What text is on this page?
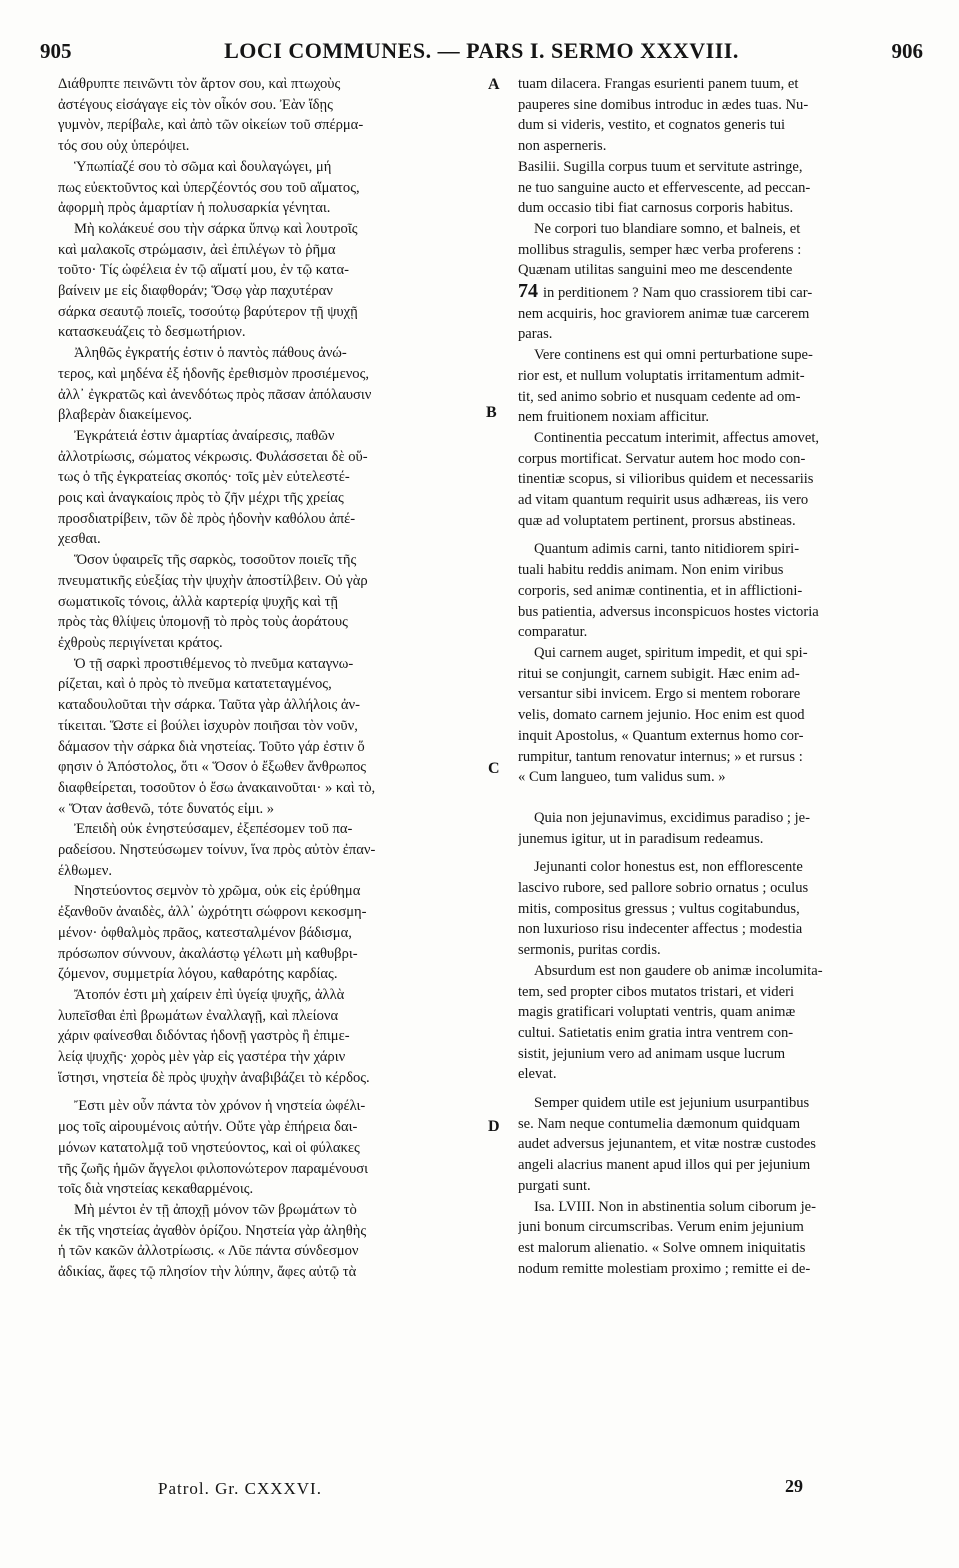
905	LOCI COMMUNES. — PARS I. SERMO XXXVIII.	906
Διάθρυπτε πεινῶντι τὸν ἄρτον σου, καὶ πτωχοὺς
ἀστέγους εἰσάγαγε εἰς τὸν οἶκόν σου. Ἐὰν ἴδῃς
γυμνὸν, περίβαλε, καὶ ἀπὸ τῶν οἰκείων τοῦ σπέρμα-
τός σου οὐχ ὑπερόψει.
Ὑπωπίαζέ σου τὸ σῶμα καὶ δουλαγώγει, μή
πως εὐεκτοῦντος καὶ ὑπερζέοντός σου τοῦ αἵματος,
ἀφορμὴ πρὸς ἁμαρτίαν ἡ πολυσαρκία γένηται.
Μὴ κολάκευέ σου τὴν σάρκα ὕπνῳ καὶ λουτροῖς
καὶ μαλακοῖς στρώμασιν, ἀεὶ ἐπιλέγων τὸ ῥῆμα
τοῦτο· Τίς ὠφέλεια ἐν τῷ αἵματί μου, ἐν τῷ κατα-
βαίνειν με εἰς διαφθοράν; Ὅσῳ γὰρ παχυτέραν
σάρκα σεαυτῷ ποιεῖς, τοσούτῳ βαρύτερον τῇ ψυχῇ
κατασκευάζεις τὸ δεσμωτήριον.
Ἀληθῶς ἐγκρατής ἐστιν ὁ παντὸς πάθους ἀνώ-
τερος, καὶ μηδένα ἐξ ἡδονῆς ἐρεθισμὸν προσιέμενος,
ἀλλ᾽ ἐγκρατῶς καὶ ἀνενδότως πρὸς πᾶσαν ἀπόλαυσιν
βλαβερὰν διακείμενος.
Ἐγκράτειά ἐστιν ἁμαρτίας ἀναίρεσις, παθῶν
ἀλλοτρίωσις, σώματος νέκρωσις. Φυλάσσεται δὲ οὕ-
τως ὁ τῆς ἐγκρατείας σκοπός· τοῖς μὲν εὐτελεστέ-
ροις καὶ ἀναγκαίοις πρὸς τὸ ζῆν μέχρι τῆς χρείας
προσδιατρίβειν, τῶν δὲ πρὸς ἡδονὴν καθόλου ἀπέ-
χεσθαι.
Ὅσον ὑφαιρεῖς τῆς σαρκὸς, τοσοῦτον ποιεῖς τῆς
πνευματικῆς εὐεξίας τὴν ψυχὴν ἀποστίλβειν. Οὐ γὰρ
σωματικοῖς τόνοις, ἀλλὰ καρτερίᾳ ψυχῆς καὶ τῇ
πρὸς τὰς θλίψεις ὑπομονῇ τὸ πρὸς τοὺς ἀοράτους
ἐχθροὺς περιγίνεται κράτος.
Ὁ τῇ σαρκὶ προστιθέμενος τὸ πνεῦμα καταγνω-
ρίζεται, καὶ ὁ πρὸς τὸ πνεῦμα κατατεταγμένος,
καταδουλοῦται τὴν σάρκα. Ταῦτα γὰρ ἀλλήλοις ἀν-
τίκειται. Ὥστε εἰ βούλει ἰσχυρὸν ποιῆσαι τὸν νοῦν,
δάμασον τὴν σάρκα διὰ νηστείας. Τοῦτο γάρ ἐστιν ὅ
φησιν ὁ Ἀπόστολος, ὅτι « Ὅσον ὁ ἔξωθεν ἄνθρωπος
διαφθείρεται, τοσοῦτον ὁ ἔσω ἀνακαινοῦται· » καὶ τὸ,
« Ὅταν ἀσθενῶ, τότε δυνατός εἰμι. »
Ἐπειδὴ οὐκ ἐνηστεύσαμεν, ἐξεπέσομεν τοῦ πα-
ραδείσου. Νηστεύσωμεν τοίνυν, ἵνα πρὸς αὐτὸν ἐπαν-
έλθωμεν.
Νηστεύοντος σεμνὸν τὸ χρῶμα, οὐκ εἰς ἐρύθημα
ἐξανθοῦν ἀναιδὲς, ἀλλ᾽ ὠχρότητι σώφρονι κεκοσμη-
μένον· ὀφθαλμὸς πρᾶος, κατεσταλμένον βάδισμα,
πρόσωπον σύννουν, ἀκαλάστῳ γέλωτι μὴ καθυβρι-
ζόμενον, συμμετρία λόγου, καθαρότης καρδίας.
Ἄτοπόν ἐστι μὴ χαίρειν ἐπὶ ὑγείᾳ ψυχῆς, ἀλλὰ
λυπεῖσθαι ἐπὶ βρωμάτων ἐναλλαγῇ, καὶ πλείονα
χάριν φαίνεσθαι διδόντας ἡδονῇ γαστρὸς ἢ ἐπιμε-
λείᾳ ψυχῆς· χορὸς μὲν γὰρ εἰς γαστέρα τὴν χάριν
ἵστησι, νηστεία δὲ πρὸς ψυχὴν ἀναβιβάζει τὸ κέρδος.
Ἔστι μὲν οὖν πάντα τὸν χρόνον ἡ νηστεία ὠφέλι-
μος τοῖς αἱρουμένοις αὐτήν. Οὔτε γὰρ ἐπήρεια δαι-
μόνων κατατολμᾷ τοῦ νηστεύοντος, καὶ οἱ φύλακες
τῆς ζωῆς ἡμῶν ἄγγελοι φιλοπονώτερον παραμένουσι
τοῖς διὰ νηστείας κεκαθαρμένοις.
Μὴ μέντοι ἐν τῇ ἀποχῇ μόνον τῶν βρωμάτων τὸ
ἐκ τῆς νηστείας ἀγαθὸν ὁρίζου. Νηστεία γὰρ ἀληθὴς
ἡ τῶν κακῶν ἀλλοτρίωσις. « Λῦε πάντα σύνδεσμον
ἀδικίας, ἄφες τῷ πλησίον τὴν λύπην, ἄφες αὐτῷ τὰ
tuam dilacera. Frangas esurienti panem tuum, et
pauperes sine domibus introduc in ædes tuas. Nu-
dum si videris, vestito, et cognatos generis tui
non asperneris.
Basilii. Sugilla corpus tuum et servitute astringe,
ne tuo sanguine aucto et effervescente, ad peccan-
dum occasio tibi fiat carnosus corporis habitus.
Ne corpori tuo blandiare somno, et balneis, et
mollibus stragulis, semper hæc verba proferens :
Quænam utilitas sanguini meo me descendente
74 in perditionem ? Nam quo crassiorem tibi car-
nem acquiris, hoc graviorem animæ tuæ carcerem
paras.
Vere continens est qui omni perturbatione supe-
rior est, et nullum voluptatis irritamentum admit-
tit, sed animo sobrio et nusquam cedente ad om-
nem fruitionem noxiam afficitur.
Continentia peccatum interimit, affectus amovet,
corpus mortificat. Servatur autem hoc modo con-
tinentiæ scopus, si vilioribus quidem et necessariis
ad vitam quantum requirit usus adhæreas, iis vero
quæ ad voluptatem pertinent, prorsus abstineas.
Quantum adimis carni, tanto nitidiorem spiri-
tuali habitu reddis animam. Non enim viribus
corporis, sed animæ continentia, et in afflictioni-
bus patientia, adversus inconspicuos hostes victoria
comparatur.
Qui carnem auget, spiritum impedit, et qui spi-
ritui se conjungit, carnem subigit. Hæc enim ad-
versantur sibi invicem. Ergo si mentem roborare
velis, domato carnem jejunio. Hoc enim est quod
inquit Apostolus, « Quantum externus homo cor-
rumpitur, tantum renovatur internus; » et rursus :
« Cum langueo, tum validus sum. »
Quia non jejunavimus, excidimus paradiso ; je-
junemus igitur, ut in paradisum redeamus.
Jejunanti color honestus est, non efflorescente
lascivo rubore, sed pallore sobrio ornatus ; oculus
mitis, compositus gressus ; vultus cogitabundus,
non luxurioso risu indecenter affectus ; modestia
sermonis, puritas cordis.
Absurdum est non gaudere ob animæ incolumita-
tem, sed propter cibos mutatos tristari, et videri
magis gratificari voluptati ventris, quam animæ
cultui. Satietatis enim gratia intra ventrem con-
sistit, jejunium vero ad animam usque lucrum
elevat.
Semper quidem utile est jejunium usurpantibus
se. Nam neque contumelia dæmonum quidquam
audet adversus jejunantem, et vitæ nostræ custodes
angeli alacrius manent apud illos qui per jejunium
purgati sunt.
Isa. LVIII. Non in abstinentia solum ciborum je-
juni bonum circumscribas. Verum enim jejunium
est malorum alienatio. « Solve omnem iniquitatis
nodum remitte molestiam proximo ; remitte ei de-
A
B
C
D
Patrol. Gr. CXXXVI.	29
